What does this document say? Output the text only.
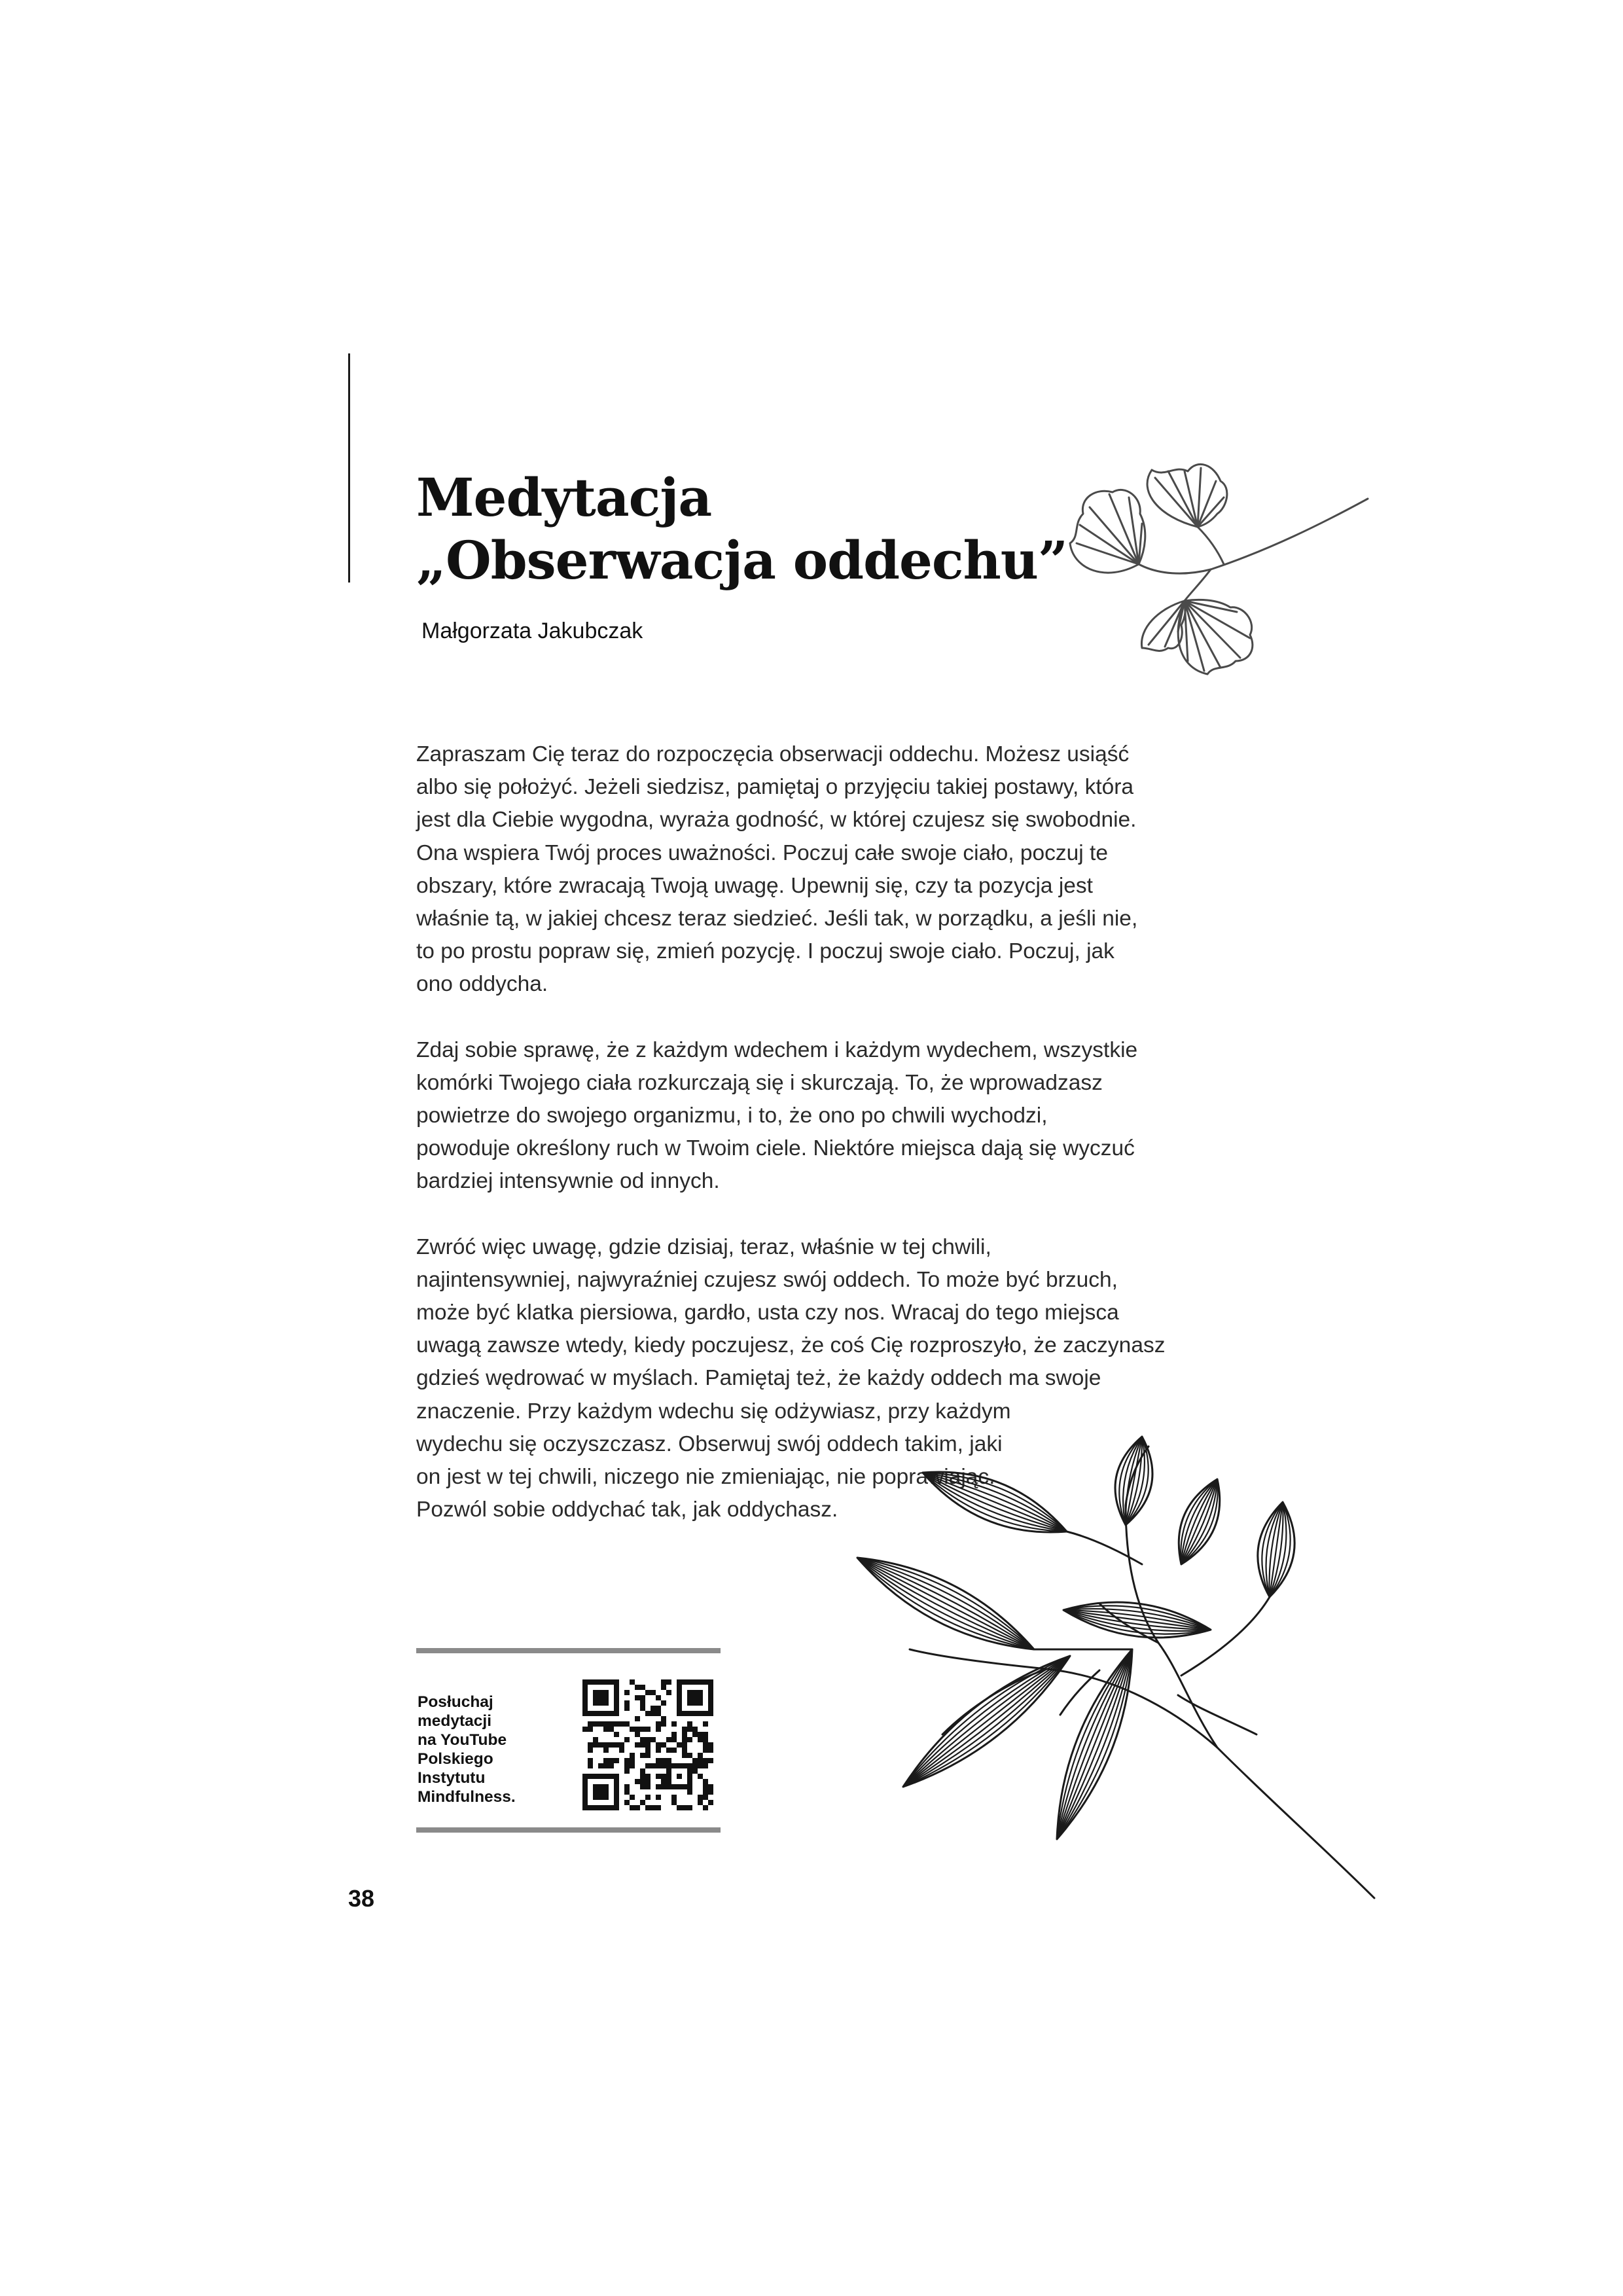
Medytacja
„Obserwacja oddechu”
Małgorzata Jakubczak

Zapraszam Cię teraz do rozpoczęcia obserwacji oddechu. Możesz usiąść
albo się położyć. Jeżeli siedzisz, pamiętaj o przyjęciu takiej postawy, która
jest dla Ciebie wygodna, wyraża godność, w której czujesz się swobodnie.
Ona wspiera Twój proces uważności. Poczuj całe swoje ciało, poczuj te
obszary, które zwracają Twoją uwagę. Upewnij się, czy ta pozycja jest
właśnie tą, w jakiej chcesz teraz siedzieć. Jeśli tak, w porządku, a jeśli nie,
to po prostu popraw się, zmień pozycję. I poczuj swoje ciało. Poczuj, jak
ono oddycha.

Zdaj sobie sprawę, że z każdym wdechem i każdym wydechem, wszystkie
komórki Twojego ciała rozkurczają się i skurczają. To, że wprowadzasz
powietrze do swojego organizmu, i to, że ono po chwili wychodzi,
powoduje określony ruch w Twoim ciele. Niektóre miejsca dają się wyczuć
bardziej intensywnie od innych.

Zwróć więc uwagę, gdzie dzisiaj, teraz, właśnie w tej chwili,
najintensywniej, najwyraźniej czujesz swój oddech. To może być brzuch,
może być klatka piersiowa, gardło, usta czy nos. Wracaj do tego miejsca
uwagą zawsze wtedy, kiedy poczujesz, że coś Cię rozproszyło, że zaczynasz
gdzieś wędrować w myślach. Pamiętaj też, że każdy oddech ma swoje
znaczenie. Przy każdym wdechu się odżywiasz, przy każdym
wydechu się oczyszczasz. Obserwuj swój oddech takim, jaki
on jest w tej chwili, niczego nie zmieniając, nie poprawiając.
Pozwól sobie oddychać tak, jak oddychasz.

Posłuchaj
medytacji
na YouTube
Polskiego
Instytutu
Mindfulness.

38
